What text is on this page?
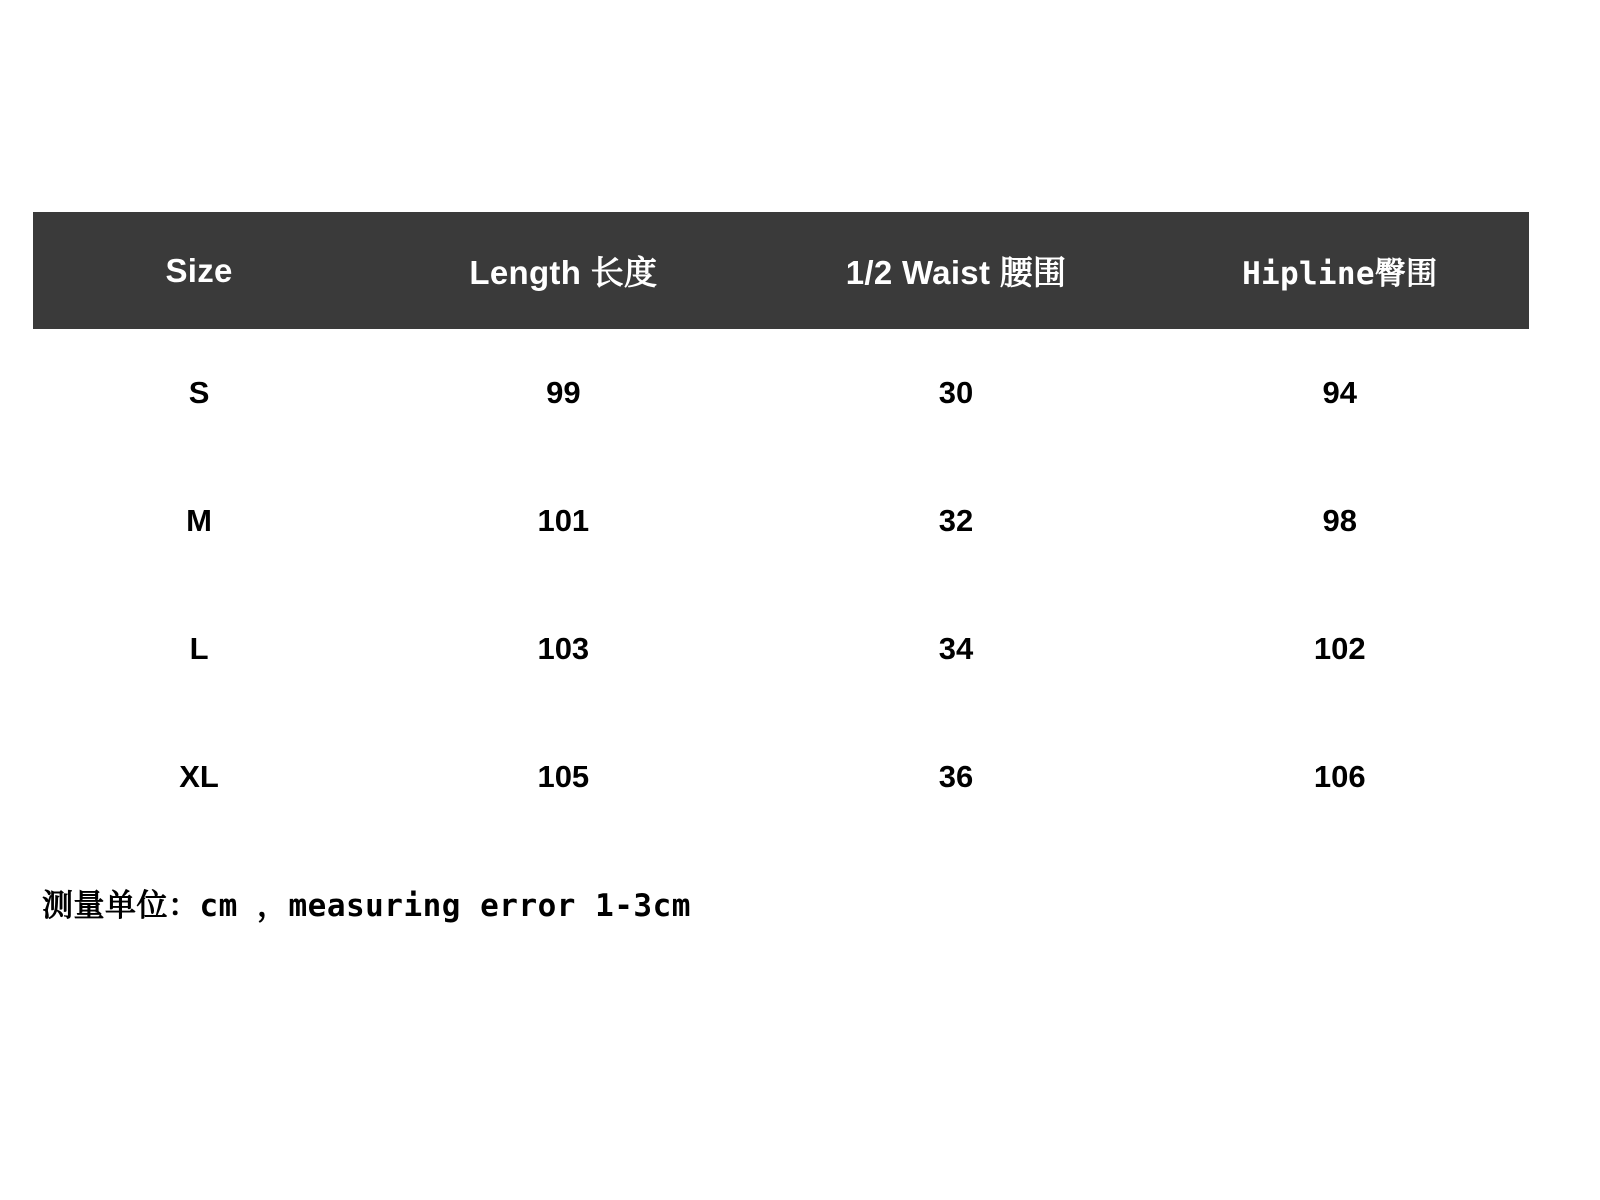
Size	Length 长度	1/2 Waist 腰围	Hipline臀围
S	99	30	94
M	101	32	98
L	103	34	102
XL	105	36	106
测量单位：cm ，measuring error 1-3cm
